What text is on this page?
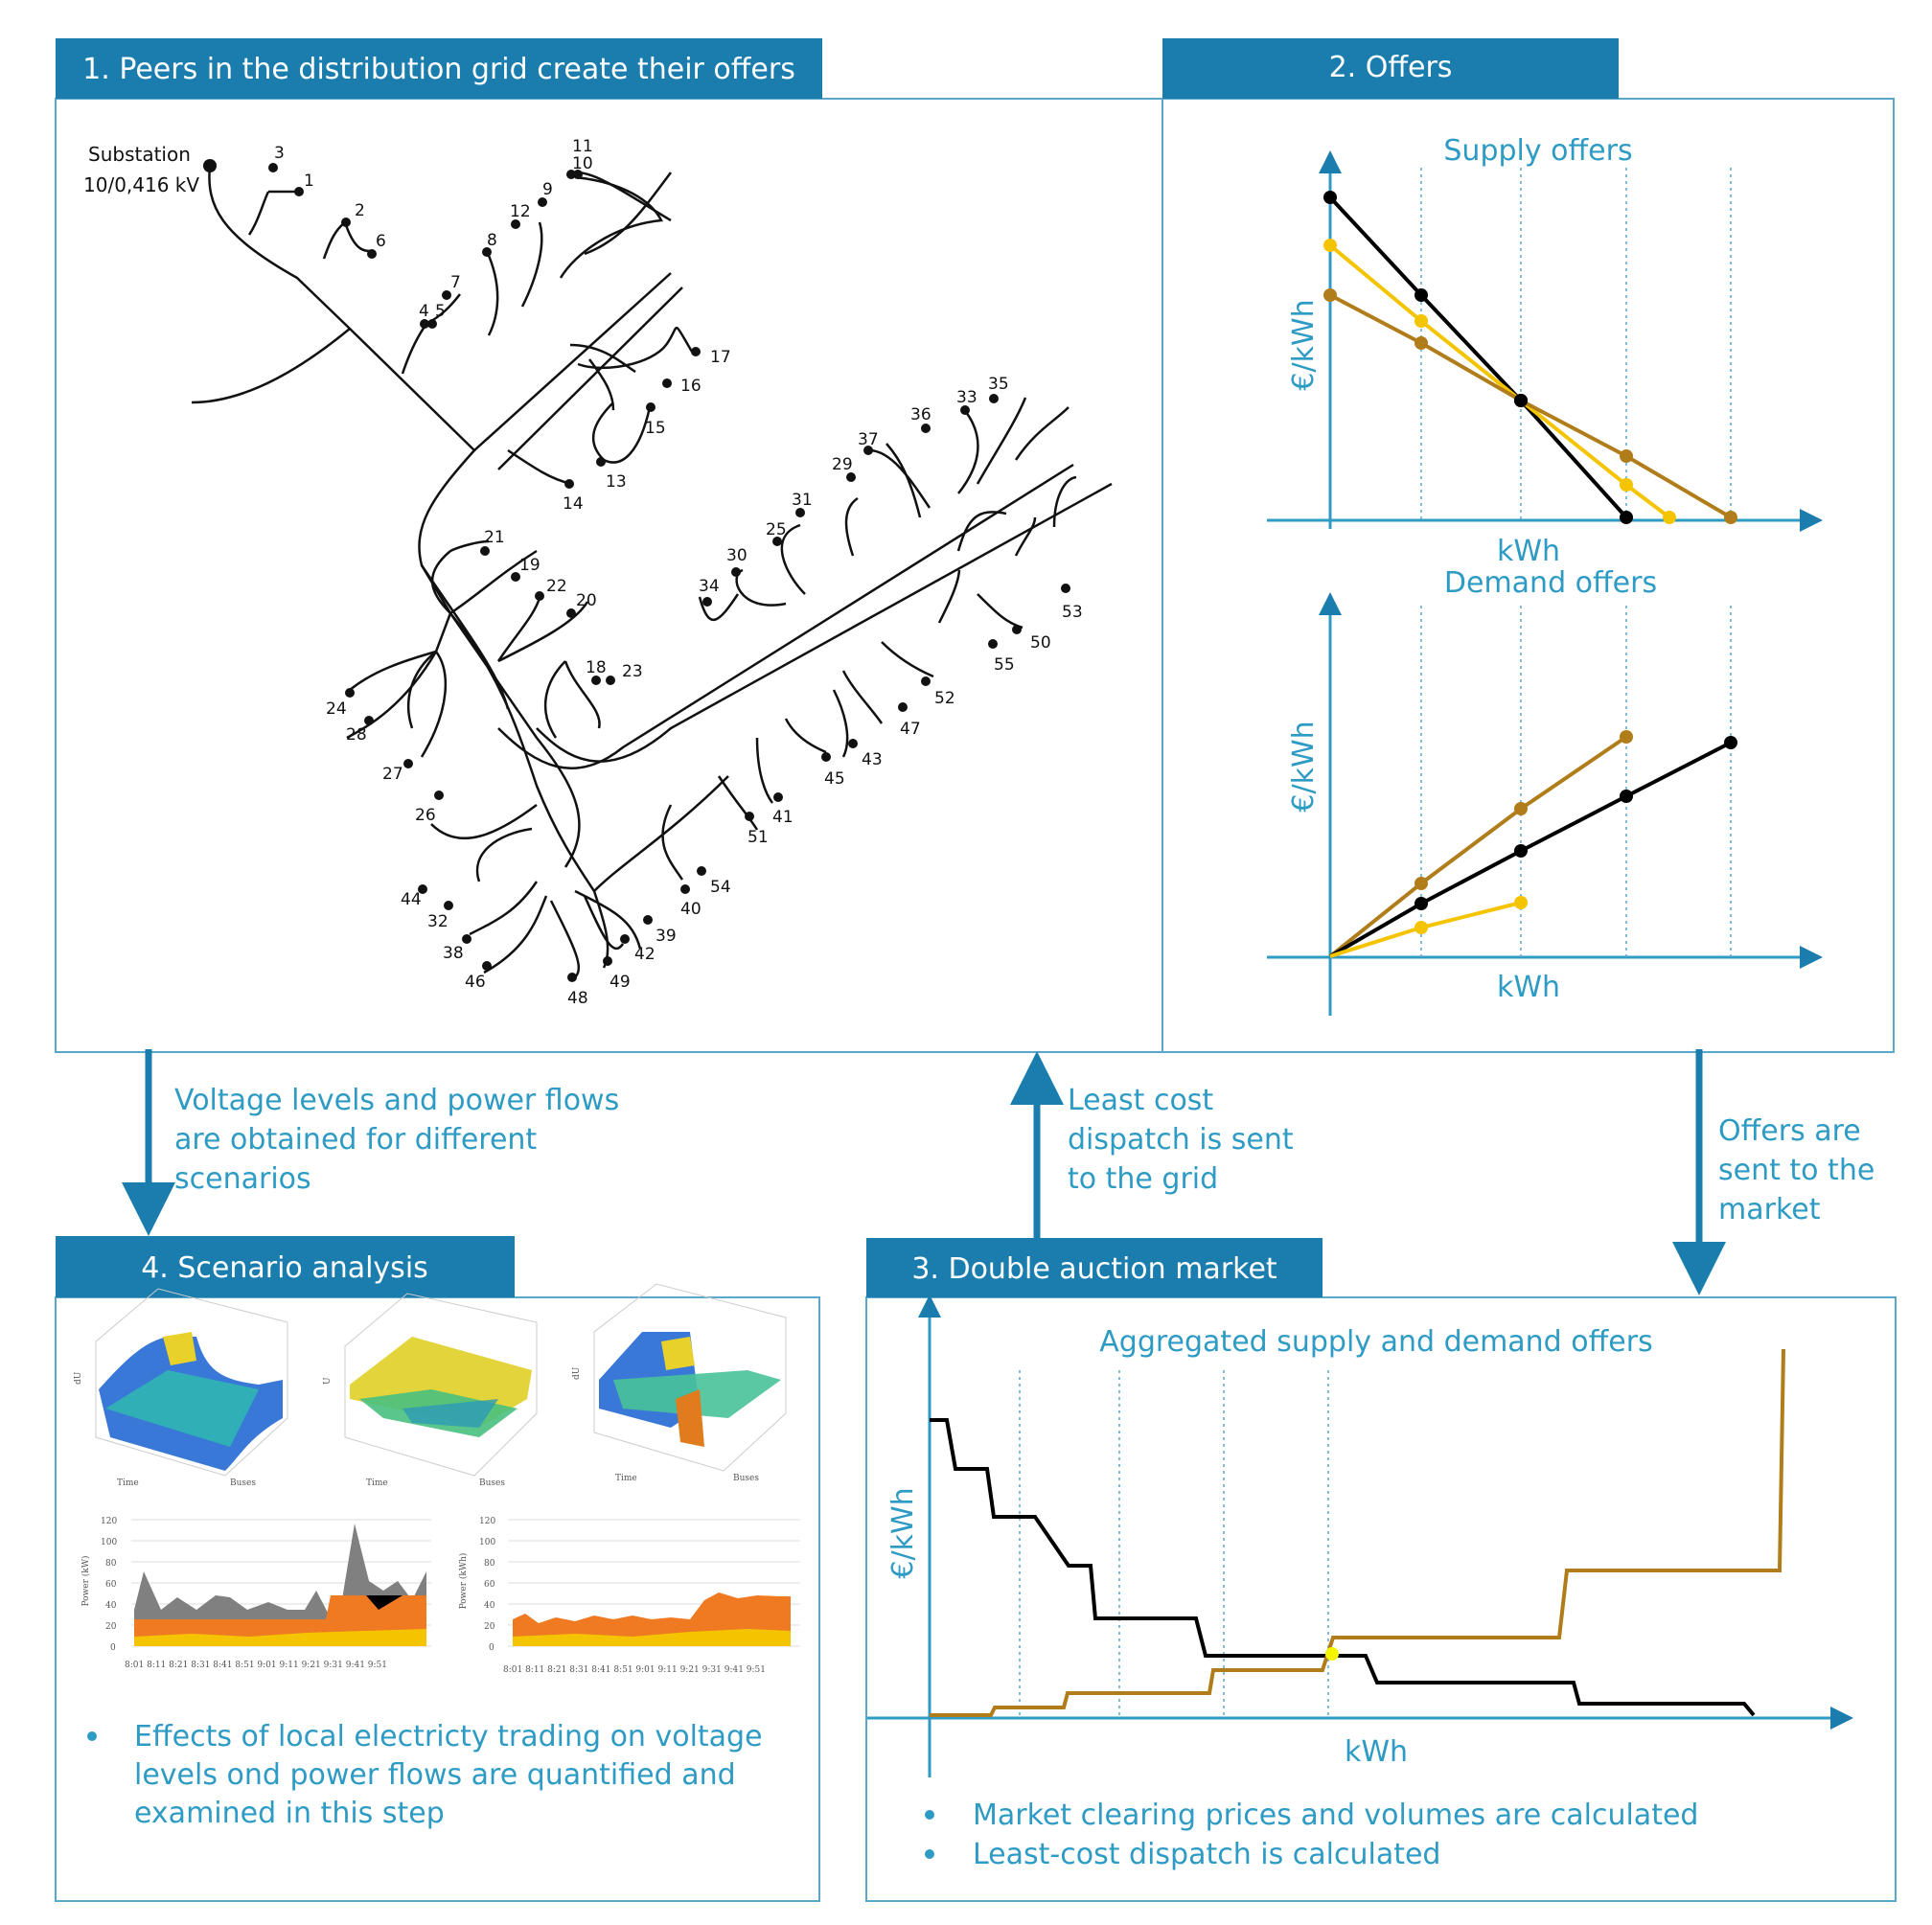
1. Peers in the distribution grid create their offers
Substation
10/0,416 kV	1
2
3
4 5
6
7
8
9
10
11
12
13
14
15
16
17
18
19
20
21
22
23
24
25
26
27
28
29
30
31
32
33
34
35
36
37
38
39
40
41
42
43
44
45
46
47
48
49
50
51
52
53
54
55
2. Offers
Supply offers
€/kWh
kWh
Demand offers
€/kWh
kWh
Voltage levels and power flows
are obtained for different
scenarios
Least cost
dispatch is sent
to the grid
Offers are
sent to the
market
4. Scenario analysis
dU
Time	Buses
U
Time	Buses
dU
Time	Buses
120
100
80
60
40
20
0
Power (kW)
8:01 8:11 8:21 8:31 8:41 8:51 9:01 9:11 9:21 9:31 9:41 9:51
120
100
80
60
40
20
0
Power (kWh)
8:01 8:11 8:21 8:31 8:41 8:51 9:01 9:11 9:21 9:31 9:41 9:51
Effects of local electricty trading on voltage
levels ond power flows are quantified and
examined in this step
3. Double auction market
Aggregated supply and demand offers
€/kWh
kWh
Market clearing prices and volumes are calculated
Least-cost dispatch is calculated
